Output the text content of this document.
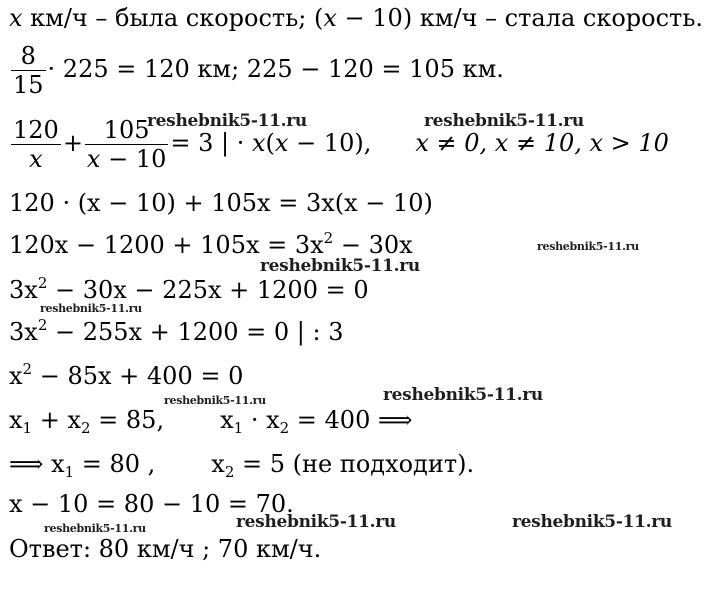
x км/ч – была скорость; (x − 10) км/ч – стала скорость.
$\frac{8}{15} \cdot 225 = 120$ км; 225 − 120 = 105 км.
$\frac{120}{x} + \frac{105}{x - 10} = 3$ | · x(x − 10), x ≠ 0, x ≠ 10, x > 10
120 · (x − 10) + 105x = 3x(x − 10)
$120x - 1200 + 105x = 3x^2 - 30x$
$3x^2 - 30x - 225x + 1200 = 0$
$3x^2 - 255x + 1200 = 0$ | : 3
$x^2 - 85x + 400 = 0$
$x_1 + x_2 = 85$, $x_1 \cdot x_2 = 400$ ⟹
⟹ $x_1 = 80$ , $x_2 = 5$ (не подходит).
x − 10 = 80 − 10 = 70.
Ответ: 80 км/ч ; 70 км/ч.
reshebnik5-11.ru	reshebnik5-11.ru
reshebnik5-11.ru
reshebnik5-11.ru
reshebnik5-11.ru
reshebnik5-11.ru	reshebnik5-11.ru
reshebnik5-11.ru	reshebnik5-11.ru
reshebnik5-11.ru
